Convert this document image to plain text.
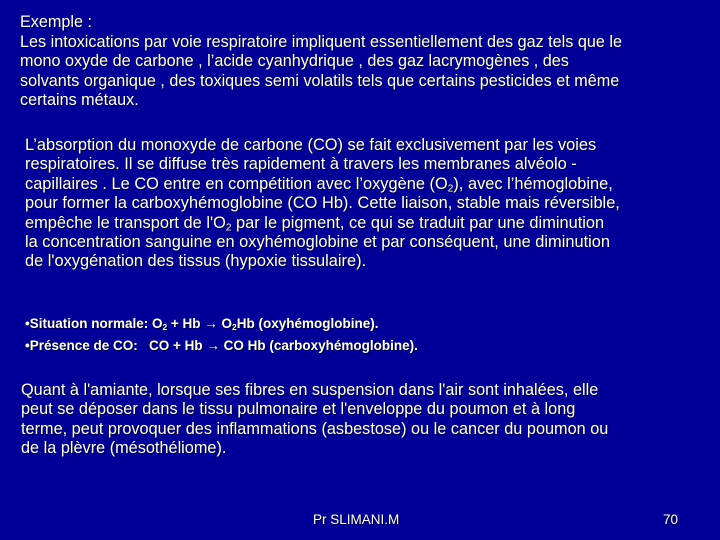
Exemple :
Les intoxications par voie respiratoire impliquent essentiellement des gaz tels que le
mono oxyde de carbone , l’acide cyanhydrique , des gaz lacrymogènes , des
solvants organique , des toxiques semi volatils tels que certains pesticides et même
certains métaux.
L’absorption du monoxyde de carbone (CO) se fait exclusivement par les voies
respiratoires. Il se diffuse très rapidement à travers les membranes alvéolo -
capillaires . Le CO entre en compétition avec l’oxygène $(O_2)$, avec l’hémoglobine,
pour former la carboxyhémoglobine (CO Hb). Cette liaison, stable mais réversible,
empêche le transport de $l'O_2$ par le pigment, ce qui se traduit par une diminution
la concentration sanguine en oxyhémoglobine et par conséquent, une diminution
de l'oxygénation des tissus (hypoxie tissulaire).
•Situation normale: $O_2 + Hb \to O_2Hb$ (oxyhémoglobine).
•Présence de CO:   CO + Hb → CO Hb (carboxyhémoglobine).
Quant à l'amiante, lorsque ses fibres en suspension dans l'air sont inhalées, elle
peut se déposer dans le tissu pulmonaire et l'enveloppe du poumon et à long
terme, peut provoquer des inflammations (asbestose) ou le cancer du poumon ou
de la plèvre (mésothéliome).
Pr SLIMANI.M	70
